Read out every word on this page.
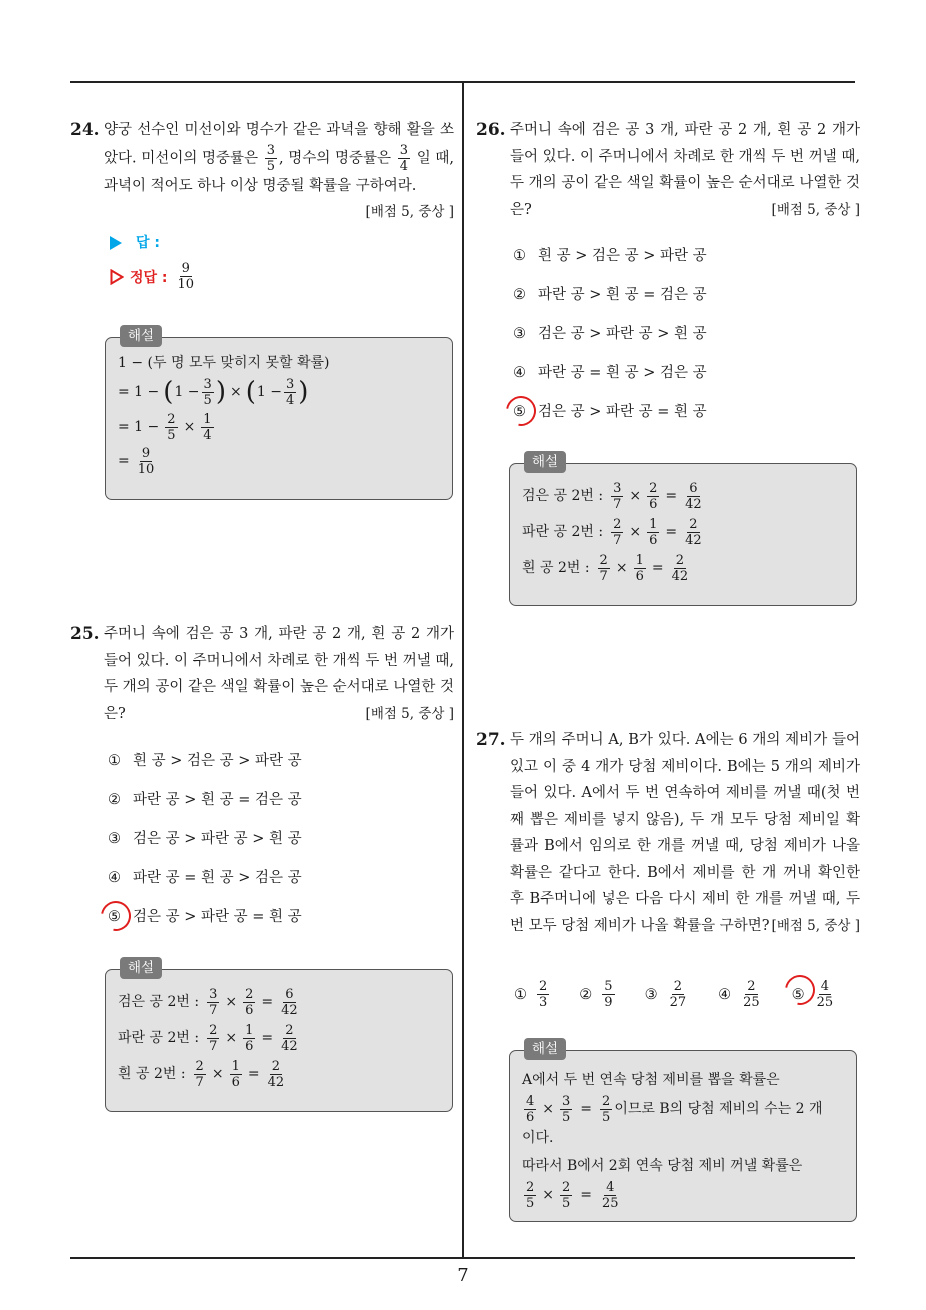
7
24. 양궁 선수인 미선이와 명수가 같은 과녁을 향해 활을 쏘았다. 미선이의 명중률은 $\frac{3}{5}$ , 명수의 명중률은 $\frac{3}{4}$ 일 때, 과녁이 적어도 하나 이상 명중될 확률을 구하여라.
[배점 5, 중상 ]
답 :
정답 : $\frac{9}{10}$
해설
1 − (두 명 모두 맞히지 못할 확률)
= 1 − ( $1 - \frac{3}{5}$ ) × ( $1 - \frac{3}{4}$ )
= $1 - \frac{2}{5} \times \frac{1}{4}$
= $\frac{9}{10}$
25. 주머니 속에 검은 공 3 개, 파란 공 2 개, 흰 공 2 개가 들어 있다. 이 주머니에서 차례로 한 개씩 두 번 꺼낼 때, 두 개의 공이 같은 색일 확률이 높은 순서대로 나열한 것은?	[배점 5, 중상 ]
① 흰 공 > 검은 공 > 파란 공
② 파란 공 > 흰 공 = 검은 공
③ 검은 공 > 파란 공 > 흰 공
④ 파란 공 = 흰 공 > 검은 공
⑤ 검은 공 > 파란 공 = 흰 공
해설
검은 공 2번 : $\frac{3}{7} \times \frac{2}{6} = \frac{6}{42}$
파란 공 2번 : $\frac{2}{7} \times \frac{1}{6} = \frac{2}{42}$
흰 공 2번 : $\frac{2}{7} \times \frac{1}{6} = \frac{2}{42}$
26. 주머니 속에 검은 공 3 개, 파란 공 2 개, 흰 공 2 개가 들어 있다. 이 주머니에서 차례로 한 개씩 두 번 꺼낼 때, 두 개의 공이 같은 색일 확률이 높은 순서대로 나열한 것은?	[배점 5, 중상 ]
① 흰 공 > 검은 공 > 파란 공
② 파란 공 > 흰 공 = 검은 공
③ 검은 공 > 파란 공 > 흰 공
④ 파란 공 = 흰 공 > 검은 공
⑤ 검은 공 > 파란 공 = 흰 공
해설
검은 공 2번 : $\frac{3}{7} \times \frac{2}{6} = \frac{6}{42}$
파란 공 2번 : $\frac{2}{7} \times \frac{1}{6} = \frac{2}{42}$
흰 공 2번 : $\frac{2}{7} \times \frac{1}{6} = \frac{2}{42}$
27. 두 개의 주머니 A, B가 있다. A에는 6 개의 제비가 들어 있고 이 중 4 개가 당첨 제비이다. B에는 5 개의 제비가 들어 있다. A에서 두 번 연속하여 제비를 꺼낼 때(첫 번째 뽑은 제비를 넣지 않음), 두 개 모두 당첨 제비일 확률과 B에서 임의로 한 개를 꺼낼 때, 당첨 제비가 나올 확률은 같다고 한다. B에서 제비를 한 개 꺼내 확인한 후 B주머니에 넣은 다음 다시 제비 한 개를 꺼낼 때, 두 번 모두 당첨 제비가 나올 확률을 구하면? [배점 5, 중상 ]
① $\frac{2}{3}$ ② $\frac{5}{9}$ ③ $\frac{2}{27}$ ④ $\frac{2}{25}$ ⑤ $\frac{4}{25}$
해설
A에서 두 번 연속 당첨 제비를 뽑을 확률은
$\frac{4}{6} \times \frac{3}{5} = \frac{2}{5}$ 이므로 B의 당첨 제비의 수는 2 개
이다.
따라서 B에서 2회 연속 당첨 제비 꺼낼 확률은
$\frac{2}{5} \times \frac{2}{5} = \frac{4}{25}$
